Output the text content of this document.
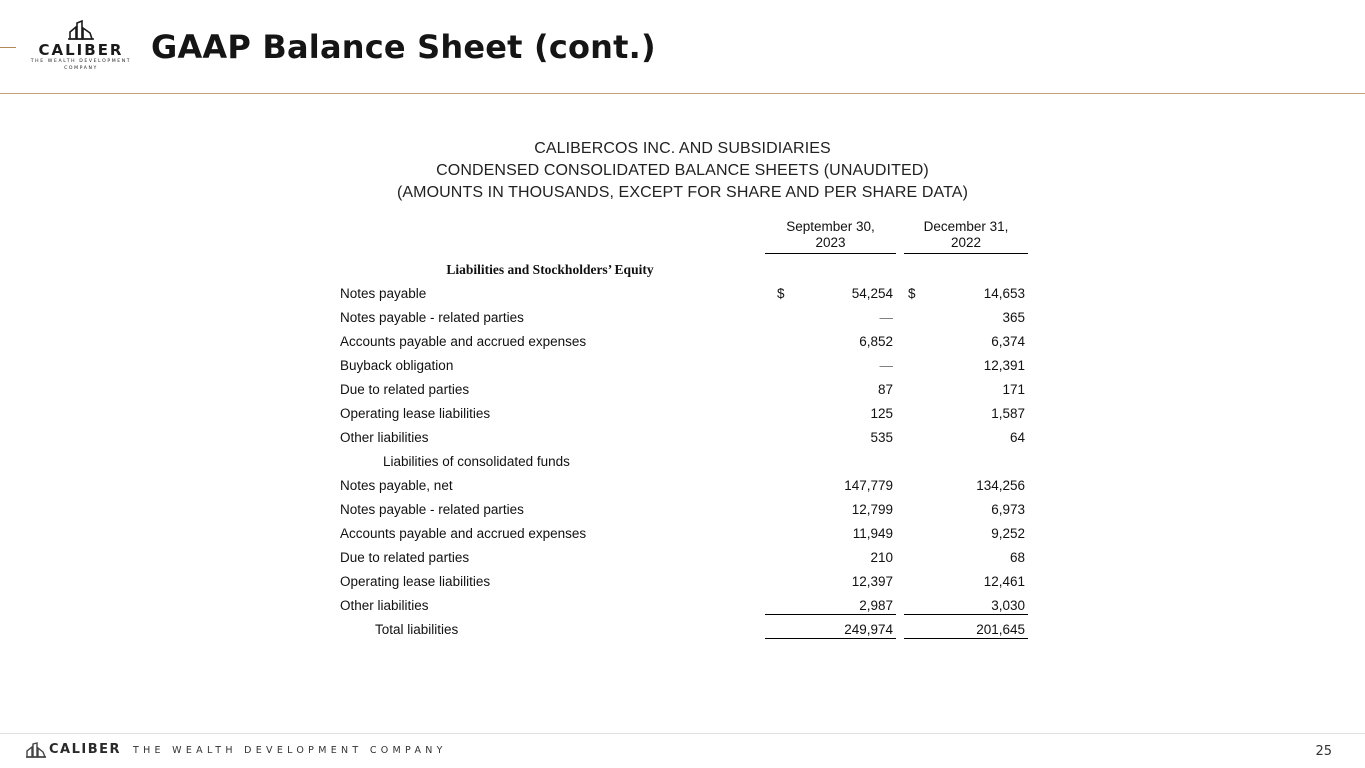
CALIBER
THE WEALTH DEVELOPMENT COMPANY
GAAP Balance Sheet (cont.)
CALIBERCOS INC. AND SUBSIDIARIES
CONDENSED CONSOLIDATED BALANCE SHEETS (UNAUDITED)
(AMOUNTS IN THOUSANDS, EXCEPT FOR SHARE AND PER SHARE DATA)
September 30,
2023
December 31,
2022
Liabilities and Stockholders’ Equity
Notes payable	$	54,254 $	14,653
Notes payable - related parties	—	365
Accounts payable and accrued expenses	6,852	6,374
Buyback obligation	—	12,391
Due to related parties	87	171
Operating lease liabilities	125	1,587
Other liabilities	535	64
Liabilities of consolidated funds
Notes payable, net	147,779	134,256
Notes payable - related parties	12,799	6,973
Accounts payable and accrued expenses	11,949	9,252
Due to related parties	210	68
Operating lease liabilities	12,397	12,461
Other liabilities	2,987	3,030
Total liabilities	249,974	201,645
CALIBER THE WEALTH DEVELOPMENT COMPANY	25
